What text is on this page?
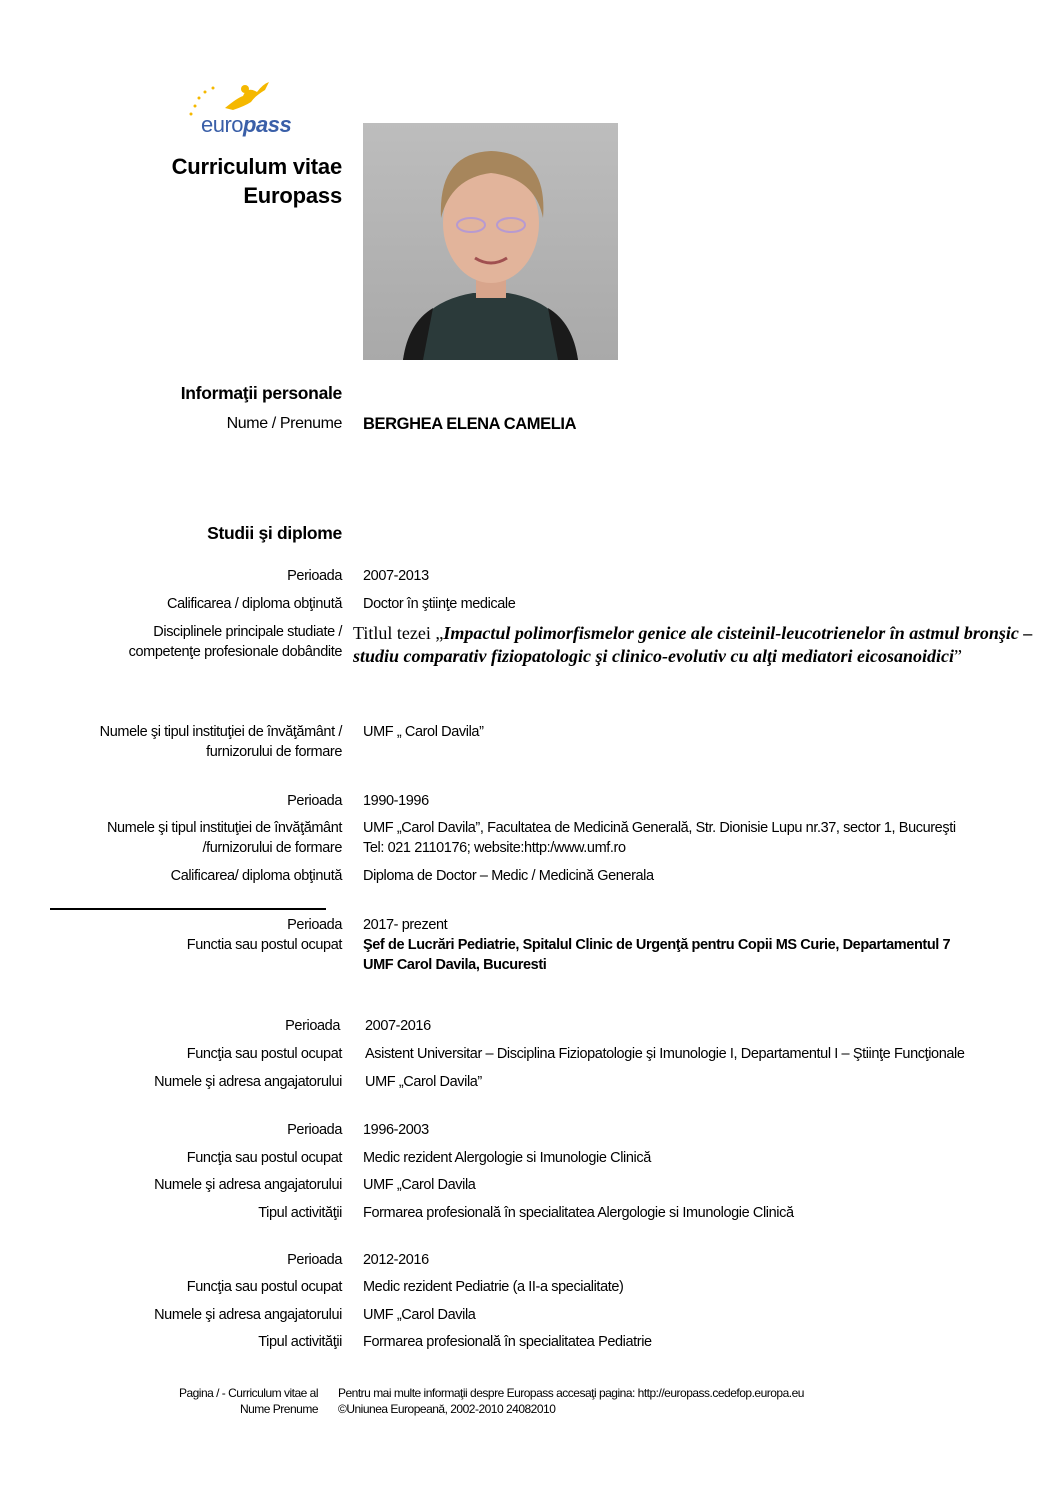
europass
Curriculum vitae
Europass
Informaţii personale
Nume / Prenume BERGHEA ELENA CAMELIA
Studii şi diplome
Perioada 2007-2013
Calificarea / diploma obţinută Doctor în ştiinţe medicale
Disciplinele principale studiate /
competenţe profesionale dobândite
Titlul tezei „Impactul polimorfismelor genice ale cisteinil-leucotrienelor în astmul bronşic – studiu comparativ fiziopatologic şi clinico-evolutiv cu alţi mediatori eicosanoidici”
Numele şi tipul instituţiei de învăţământ /
furnizorului de formare
UMF „ Carol Davila”
Perioada 1990-1996
Numele şi tipul instituţiei de învăţământ
/furnizorului de formare
UMF „Carol Davila”, Facultatea de Medicină Generală, Str. Dionisie Lupu nr.37, sector 1, Bucureşti
Tel: 021 2110176; website:http:/www.umf.ro
Calificarea/ diploma obţinută Diploma de Doctor – Medic / Medicină Generala
Perioada 2017- prezent
Functia sau postul ocupat Şef de Lucrări Pediatrie, Spitalul Clinic de Urgenţă pentru Copii MS Curie, Departamentul 7
UMF Carol Davila, Bucuresti
Perioada 2007-2016
Funcţia sau postul ocupat Asistent Universitar – Disciplina Fiziopatologie şi Imunologie I, Departamentul I – Ştiinţe Funcţionale
Numele şi adresa angajatorului UMF „Carol Davila”
Perioada 1996-2003
Funcţia sau postul ocupat Medic rezident Alergologie si Imunologie Clinică
Numele şi adresa angajatorului UMF „Carol Davila
Tipul activităţii Formarea profesională în specialitatea Alergologie si Imunologie Clinică
Perioada 2012-2016
Funcţia sau postul ocupat Medic rezident Pediatrie (a II-a specialitate)
Numele şi adresa angajatorului UMF „Carol Davila
Tipul activităţii Formarea profesională în specialitatea Pediatrie
Pagina / - Curriculum vitae al
Nume Prenume
Pentru mai multe informaţii despre Europass accesaţi pagina: http://europass.cedefop.europa.eu
©Uniunea Europeană, 2002-2010 24082010
